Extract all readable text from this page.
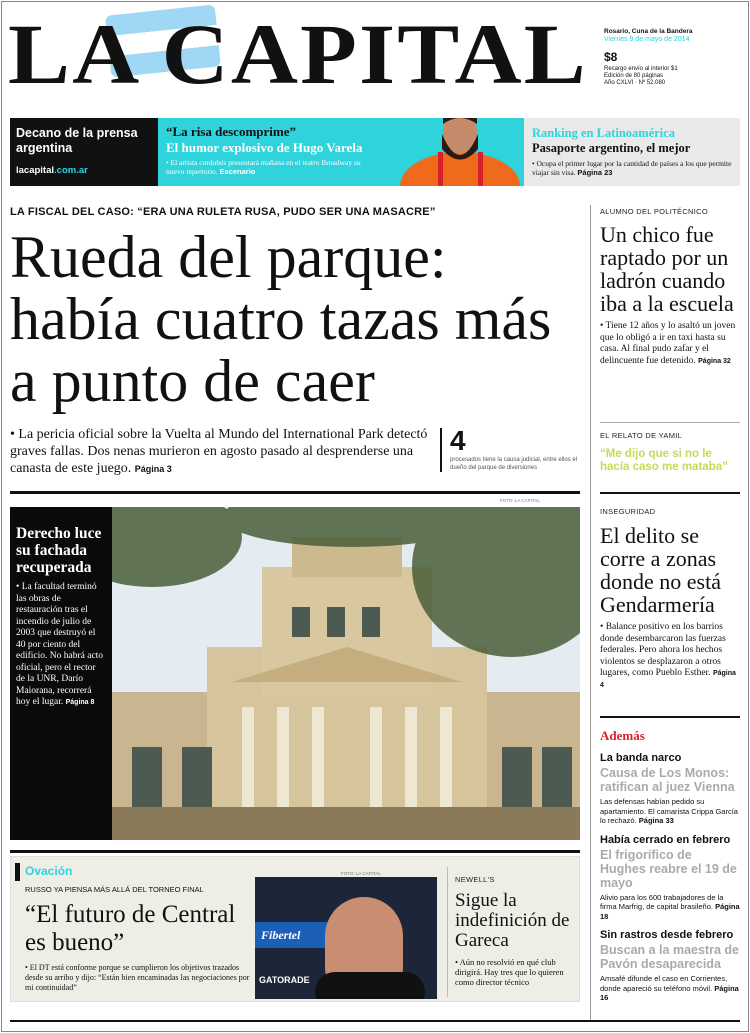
LA CAPITAL Rosario, Cuna de la Bandera
Viernes 9 de mayo de 2014
$8
Recargo envío al interior $1
Edición de 80 páginas
Año CXLVI · Nº 52.080
Decano de la prensa argentina
lacapital.com.ar
“La risa descomprime”
El humor explosivo de Hugo Varela
• El artista cordobés presentará mañana en el teatro Broadway su nuevo repertorio. Escenario
Ranking en Latinoamérica
Pasaporte argentino, el mejor
• Ocupa el primer lugar por la cantidad de países a los que permite viajar sin visa. Página 23
LA FISCAL DEL CASO: “ERA UNA RULETA RUSA, PUDO SER UNA MASACRE”
Rueda del parque: había cuatro tazas más a punto de caer
• La pericia oficial sobre la Vuelta al Mundo del International Park detectó graves fallas. Dos nenas murieron en agosto pasado al desprenderse una canasta de este juego. Página 3
4
procesados tiene la causa judicial, entre ellos el dueño del parque de diversiones
FOTO: LA CAPITAL
Derecho luce su fachada recuperada
• La facultad terminó las obras de restauración tras el incendio de julio de 2003 que destruyó el 40 por ciento del edificio. No habrá acto oficial, pero el rector de la UNR, Darío Maiorana, recorrerá hoy el lugar. Página 8
Ovación
RUSSO YA PIENSA MÁS ALLÁ DEL TORNEO FINAL
“El futuro de Central es bueno”
• El DT está conforme porque se cumplieron los objetivos trazados desde su arribo y dijo: “Están bien encaminadas las negociaciones por mi continuidad”
FOTO: LA CAPITAL
Fibertel
GATORADE
NEWELL'S
Sigue la indefinición de Gareca
• Aún no resolvió en qué club dirigirá. Hay tres que lo quieren como director técnico
ALUMNO DEL POLITÉCNICO
Un chico fue raptado por un ladrón cuando iba a la escuela
• Tiene 12 años y lo asaltó un joven que lo obligó a ir en taxi hasta su casa. Al final pudo zafar y el delincuente fue detenido. Página 32
EL RELATO DE YAMIL
“Me dijo que si no le hacía caso me mataba”
INSEGURIDAD
El delito se corre a zonas donde no está Gendarmería
• Balance positivo en los barrios donde desembarcaron las fuerzas federales. Pero ahora los hechos violentos se desplazaron a otros lugares, como Pueblo Esther. Página 4
Además
La banda narco
Causa de Los Monos: ratifican al juez Vienna

Las defensas habían pedido su apartamiento. El camarista Crippa García lo rechazó. Página 33

Había cerrado en febrero
El frigorífico de Hughes reabre el 19 de mayo

Alivio para los 600 trabajadores de la firma Marfrig, de capital brasileño. Página 18

Sin rastros desde febrero
Buscan a la maestra de Pavón desaparecida

Amsafé difunde el caso en Corrientes, donde apareció su teléfono móvil. Página 16
